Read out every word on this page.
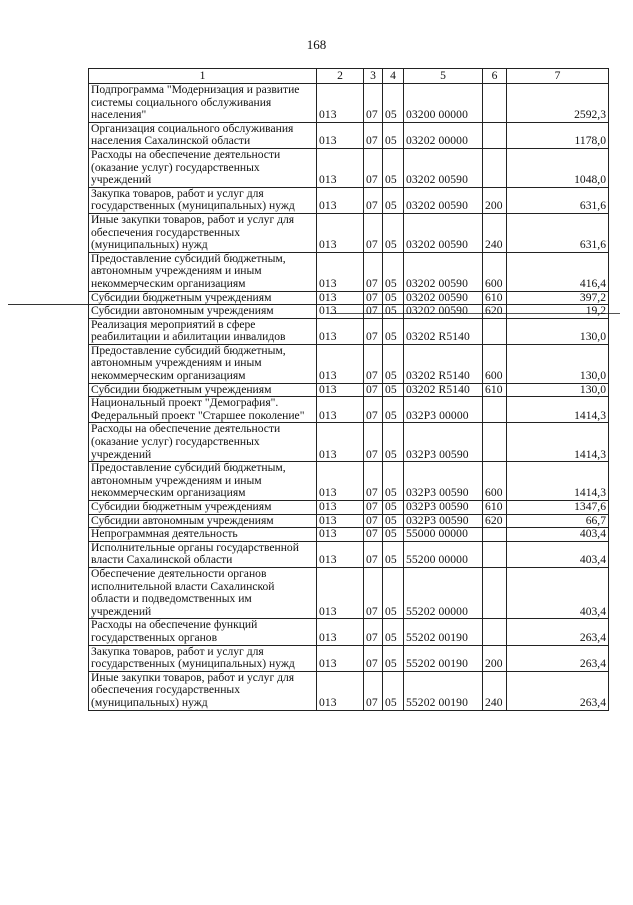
168
1	2	3	4	5	6	7
Подпрограмма "Модернизация и развитие системы социального обслуживания населения"	013	07	05	03200 00000		2592,3
Организация социального обслуживания населения Сахалинской области	013	07	05	03202 00000		1178,0
Расходы на обеспечение деятельности (оказание услуг) государственных учреждений	013	07	05	03202 00590		1048,0
Закупка товаров, работ и услуг для государственных (муниципальных) нужд	013	07	05	03202 00590	200	631,6
Иные закупки товаров, работ и услуг для обеспечения государственных (муниципальных) нужд	013	07	05	03202 00590	240	631,6
Предоставление субсидий бюджетным, автономным учреждениям и иным некоммерческим организациям	013	07	05	03202 00590	600	416,4
Субсидии бюджетным учреждениям	013	07	05	03202 00590	610	397,2
Субсидии автономным учреждениям	013	07	05	03202 00590	620	19,2
Реализация мероприятий в сфере реабилитации и абилитации инвалидов	013	07	05	03202 R5140		130,0
Предоставление субсидий бюджетным, автономным учреждениям и иным некоммерческим организациям	013	07	05	03202 R5140	600	130,0
Субсидии бюджетным учреждениям	013	07	05	03202 R5140	610	130,0
Национальный проект "Демография". Федеральный проект "Старшее поколение"	013	07	05	032P3 00000		1414,3
Расходы на обеспечение деятельности (оказание услуг) государственных учреждений	013	07	05	032P3 00590		1414,3
Предоставление субсидий бюджетным, автономным учреждениям и иным некоммерческим организациям	013	07	05	032P3 00590	600	1414,3
Субсидии бюджетным учреждениям	013	07	05	032P3 00590	610	1347,6
Субсидии автономным учреждениям	013	07	05	032P3 00590	620	66,7
Непрограммная деятельность	013	07	05	55000 00000		403,4
Исполнительные органы государственной власти Сахалинской области	013	07	05	55200 00000		403,4
Обеспечение деятельности органов исполнительной власти Сахалинской области и подведомственных им учреждений	013	07	05	55202 00000		403,4
Расходы на обеспечение функций государственных органов	013	07	05	55202 00190		263,4
Закупка товаров, работ и услуг для государственных (муниципальных) нужд	013	07	05	55202 00190	200	263,4
Иные закупки товаров, работ и услуг для обеспечения государственных (муниципальных) нужд	013	07	05	55202 00190	240	263,4
